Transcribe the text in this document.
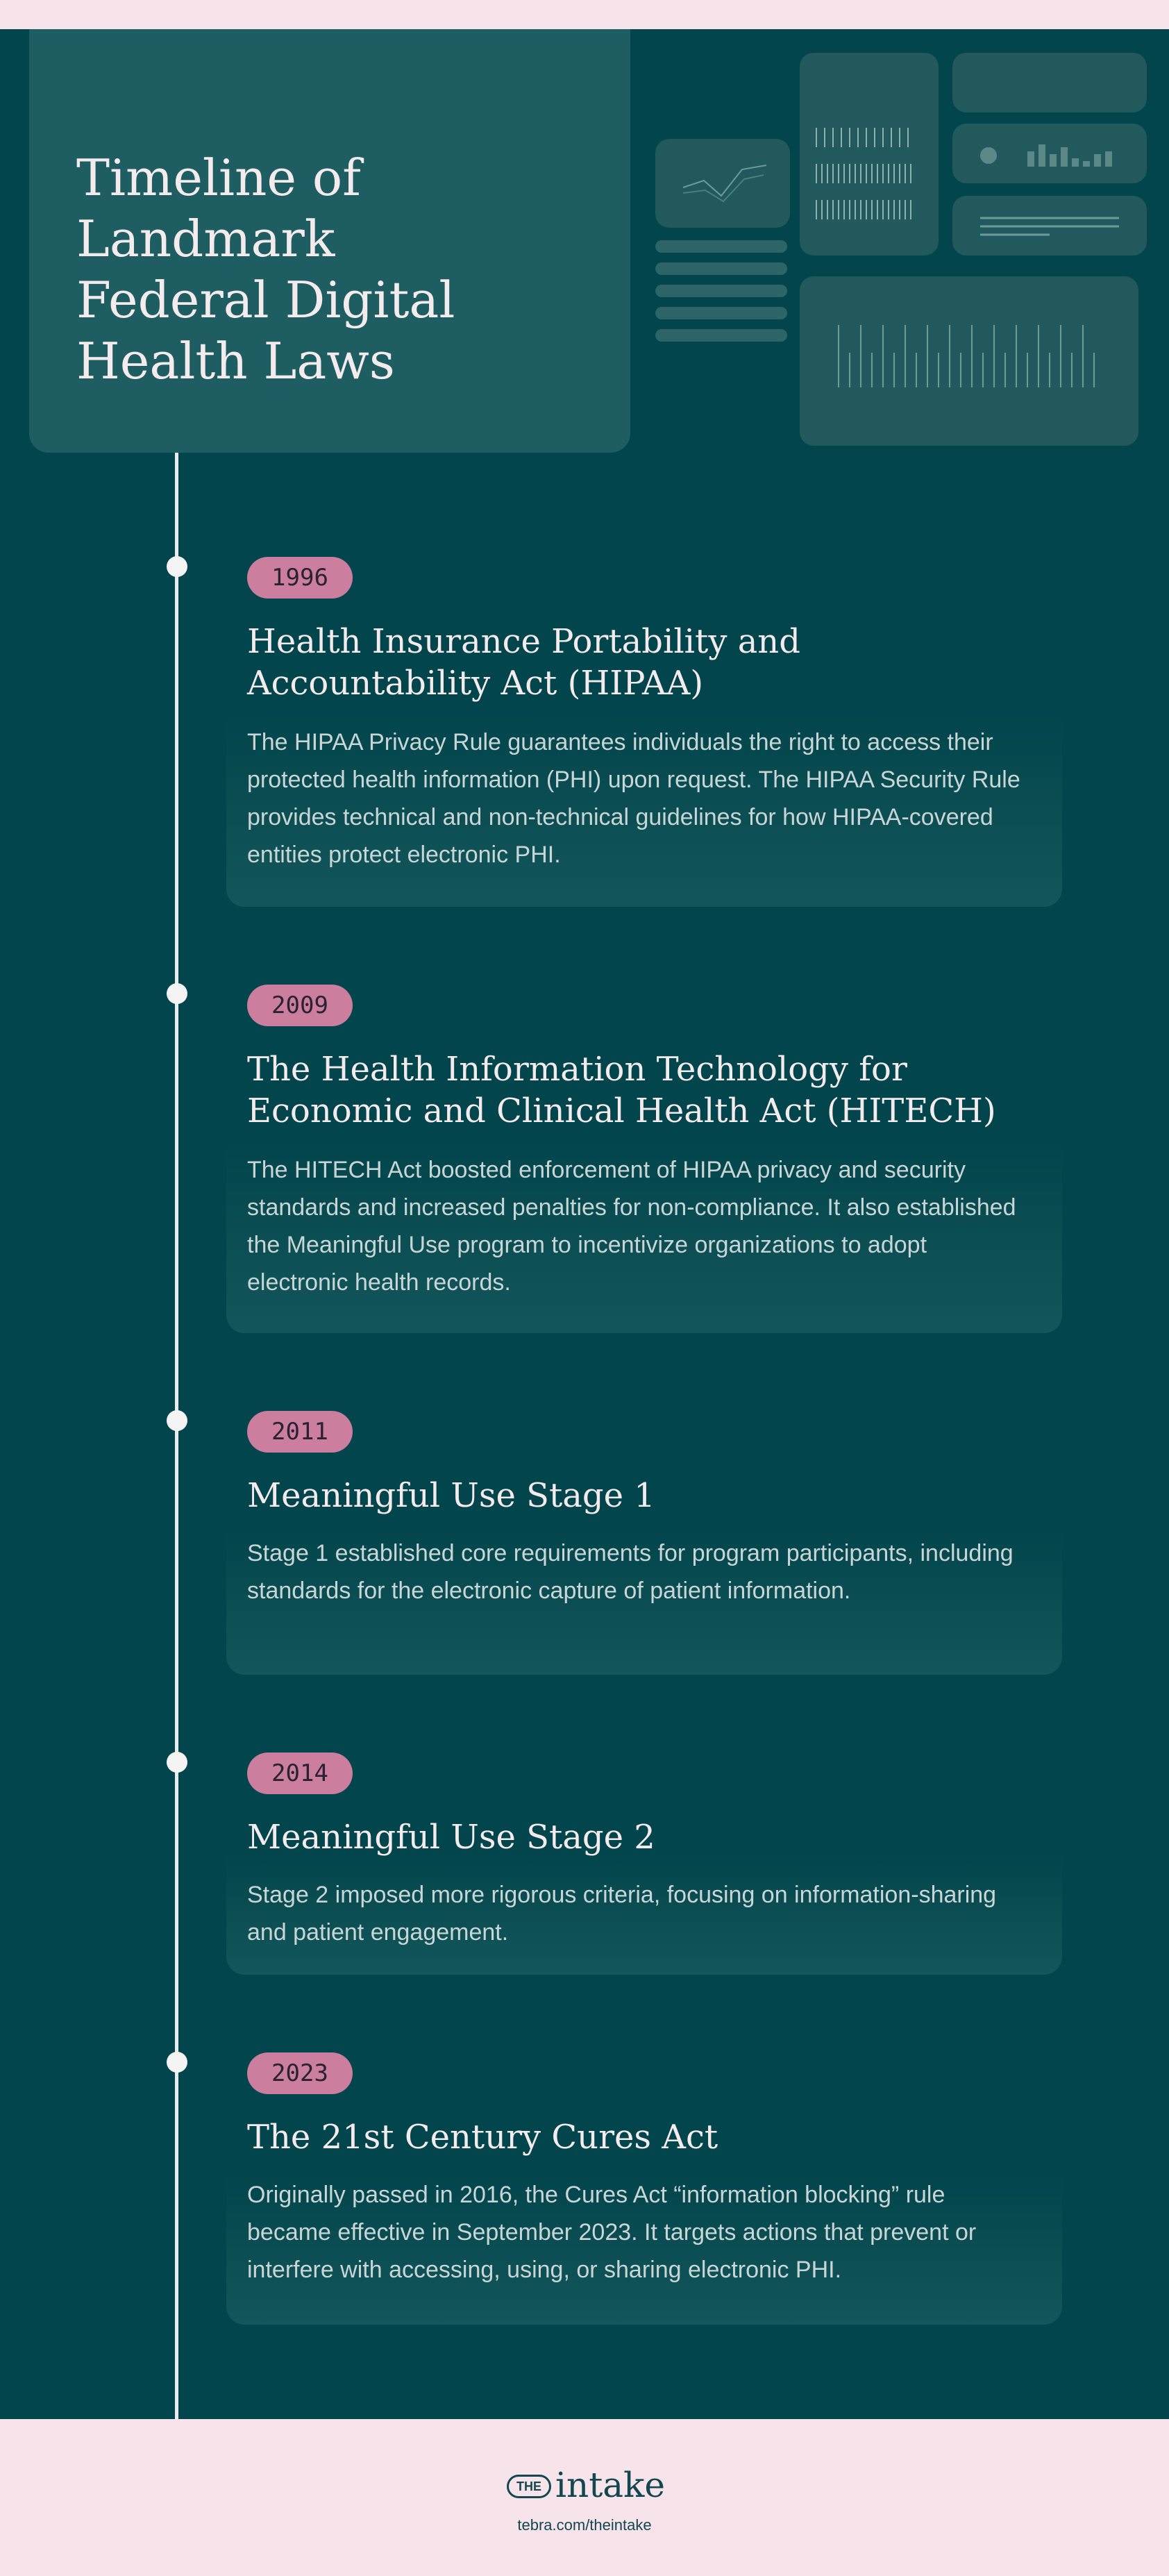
Timeline of Landmark
Federal Digital
Health Laws
1996
Health Insurance Portability and Accountability Act (HIPAA)

The HIPAA Privacy Rule guarantees individuals the right to access their protected health information (PHI) upon request. The HIPAA Security Rule provides technical and non-technical guidelines for how HIPAA-covered entities protect electronic PHI.

2009
The Health Information Technology for Economic and Clinical Health Act (HITECH)

The HITECH Act boosted enforcement of HIPAA privacy and security standards and increased penalties for non-compliance. It also established the Meaningful Use program to incentivize organizations to adopt electronic health records.

2011
Meaningful Use Stage 1

Stage 1 established core requirements for program participants, including standards for the electronic capture of patient information.

2014
Meaningful Use Stage 2

Stage 2 imposed more rigorous criteria, focusing on information-sharing and patient engagement.

2023
The 21st Century Cures Act

Originally passed in 2016, the Cures Act “information blocking” rule became effective in September 2023. It targets actions that prevent or interfere with accessing, using, or sharing electronic PHI.

THE intake
tebra.com/theintake
